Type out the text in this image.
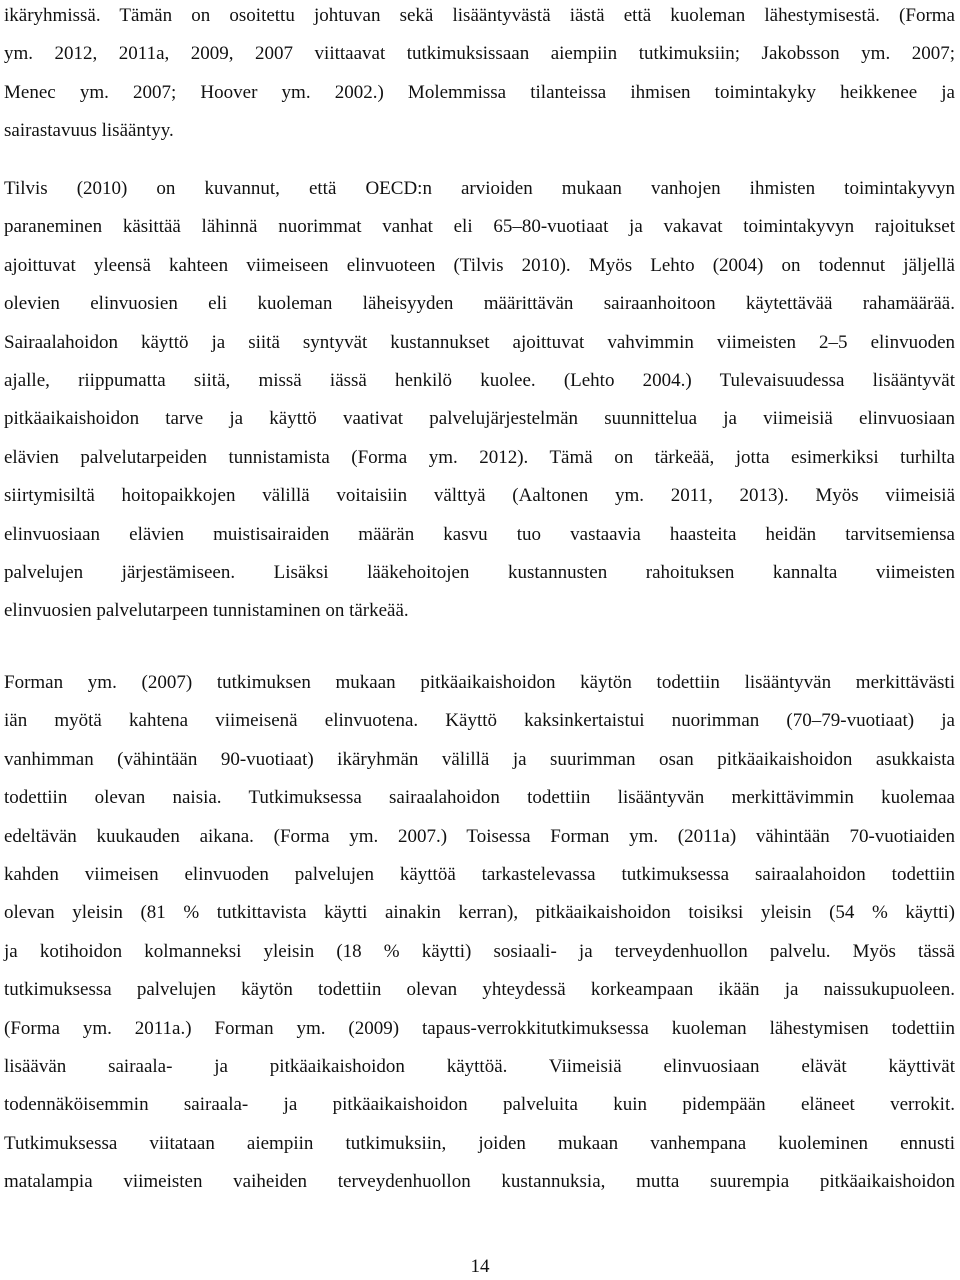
ikäryhmissä. Tämän on osoitettu johtuvan sekä lisääntyvästä iästä että kuoleman lähestymisestä. (Forma
ym. 2012, 2011a, 2009, 2007 viittaavat tutkimuksissaan aiempiin tutkimuksiin; Jakobsson ym. 2007;
Menec ym. 2007; Hoover ym. 2002.) Molemmissa tilanteissa ihmisen toimintakyky heikkenee ja
sairastavuus lisääntyy.
Tilvis (2010) on kuvannut, että OECD:n arvioiden mukaan vanhojen ihmisten toimintakyvyn
paraneminen käsittää lähinnä nuorimmat vanhat eli 65–80-vuotiaat ja vakavat toimintakyvyn rajoitukset
ajoittuvat yleensä kahteen viimeiseen elinvuoteen (Tilvis 2010). Myös Lehto (2004) on todennut jäljellä
olevien elinvuosien eli kuoleman läheisyyden määrittävän sairaanhoitoon käytettävää rahamäärää.
Sairaalahoidon käyttö ja siitä syntyvät kustannukset ajoittuvat vahvimmin viimeisten 2–5 elinvuoden
ajalle, riippumatta siitä, missä iässä henkilö kuolee. (Lehto 2004.) Tulevaisuudessa lisääntyvät
pitkäaikaishoidon tarve ja käyttö vaativat palvelujärjestelmän suunnittelua ja viimeisiä elinvuosiaan
elävien palvelutarpeiden tunnistamista (Forma ym. 2012). Tämä on tärkeää, jotta esimerkiksi turhilta
siirtymisiltä hoitopaikkojen välillä voitaisiin välttyä (Aaltonen ym. 2011, 2013). Myös viimeisiä
elinvuosiaan elävien muistisairaiden määrän kasvu tuo vastaavia haasteita heidän tarvitsemiensa
palvelujen järjestämiseen. Lisäksi lääkehoitojen kustannusten rahoituksen kannalta viimeisten
elinvuosien palvelutarpeen tunnistaminen on tärkeää.
Forman ym. (2007) tutkimuksen mukaan pitkäaikaishoidon käytön todettiin lisääntyvän merkittävästi
iän myötä kahtena viimeisenä elinvuotena. Käyttö kaksinkertaistui nuorimman (70–79-vuotiaat) ja
vanhimman (vähintään 90-vuotiaat) ikäryhmän välillä ja suurimman osan pitkäaikaishoidon asukkaista
todettiin olevan naisia. Tutkimuksessa sairaalahoidon todettiin lisääntyvän merkittävimmin kuolemaa
edeltävän kuukauden aikana. (Forma ym. 2007.) Toisessa Forman ym. (2011a) vähintään 70-vuotiaiden
kahden viimeisen elinvuoden palvelujen käyttöä tarkastelevassa tutkimuksessa sairaalahoidon todettiin
olevan yleisin (81 % tutkittavista käytti ainakin kerran), pitkäaikaishoidon toisiksi yleisin (54 % käytti)
ja kotihoidon kolmanneksi yleisin (18 % käytti) sosiaali- ja terveydenhuollon palvelu. Myös tässä
tutkimuksessa palvelujen käytön todettiin olevan yhteydessä korkeampaan ikään ja naissukupuoleen.
(Forma ym. 2011a.) Forman ym. (2009) tapaus-verrokkitutkimuksessa kuoleman lähestymisen todettiin
lisäävän sairaala- ja pitkäaikaishoidon käyttöä. Viimeisiä elinvuosiaan elävät käyttivät
todennäköisemmin sairaala- ja pitkäaikaishoidon palveluita kuin pidempään eläneet verrokit.
Tutkimuksessa viitataan aiempiin tutkimuksiin, joiden mukaan vanhempana kuoleminen ennusti
matalampia viimeisten vaiheiden terveydenhuollon kustannuksia, mutta suurempia pitkäaikaishoidon
14
